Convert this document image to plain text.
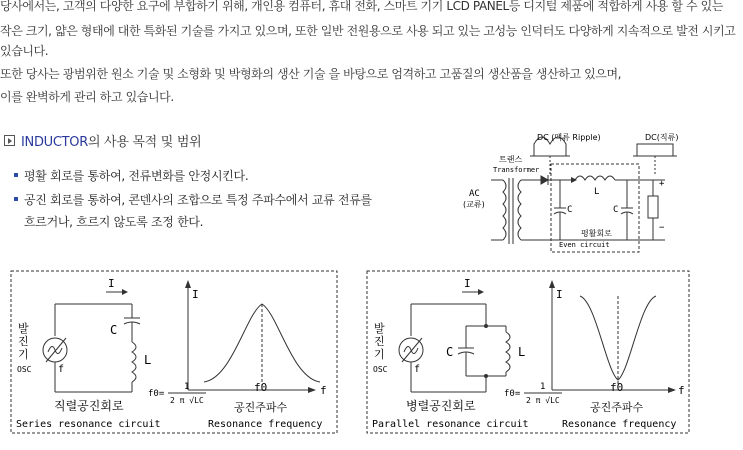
당사에서는, 고객의 다양한 요구에 부합하기 위해, 개인용 컴퓨터, 휴대 전화, 스마트 기기 LCD PANEL등 디지털 제품에 적합하게 사용 할 수 있는
작은 크기, 얇은 형태에 대한 특화된 기술를 가지고 있으며, 또한 일반 전원용으로 사용 되고 있는 고성능 인덕터도 다양하게 지속적으로 발전 시키고
있습니다.
또한 당사는 광범위한 원소 기술 및 소형화 및 박형화의 생산 기술 을 바탕으로 엄격하고 고품질의 생산품을 생산하고 있으며,
이를 완벽하게 관리 하고 있습니다.
INDUCTOR의 사용 목적 및 범위
평활 회로를 통하여, 전류변화를 안정시킨다.
공진 회로를 통하여, 콘덴사의 조합으로 특정 주파수에서 교류 전류를
흐르거나, 흐르지 않도록 조정 한다.
DC (맥류 Ripple)	DC(직류)
트랜스
Transformer
AC
(교류)
C	C
L
+
−
평활회로
Even circuit
I
발
진
기
OSC	f
C
L
직렬공진회로
Series resonance circuit
I
f0=
1
2 π √LC
f0	f
공진주파수
Resonance frequency
I
발
진
기
OSC	f
C	L
병렬공진회로
Parallel resonance circuit
I
f0=
1
2 π √LC
f0	f
공진주파수
Resonance frequency
